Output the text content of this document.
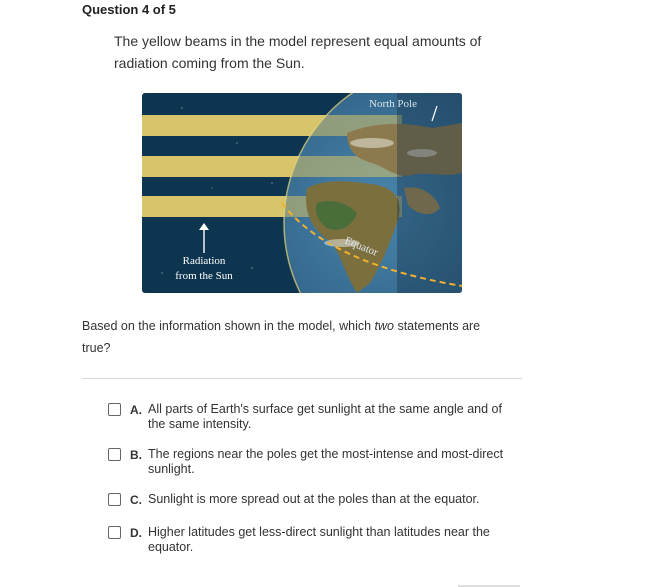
Question 4 of 5
The yellow beams in the model represent equal amounts of radiation coming from the Sun.
North Pole
Equator
Radiation
from the Sun
Based on the information shown in the model, which two statements are true?
A. All parts of Earth's surface get sunlight at the same angle and of the same intensity.
B. The regions near the poles get the most-intense and most-direct sunlight.
C. Sunlight is more spread out at the poles than at the equator.
D. Higher latitudes get less-direct sunlight than latitudes near the equator.
